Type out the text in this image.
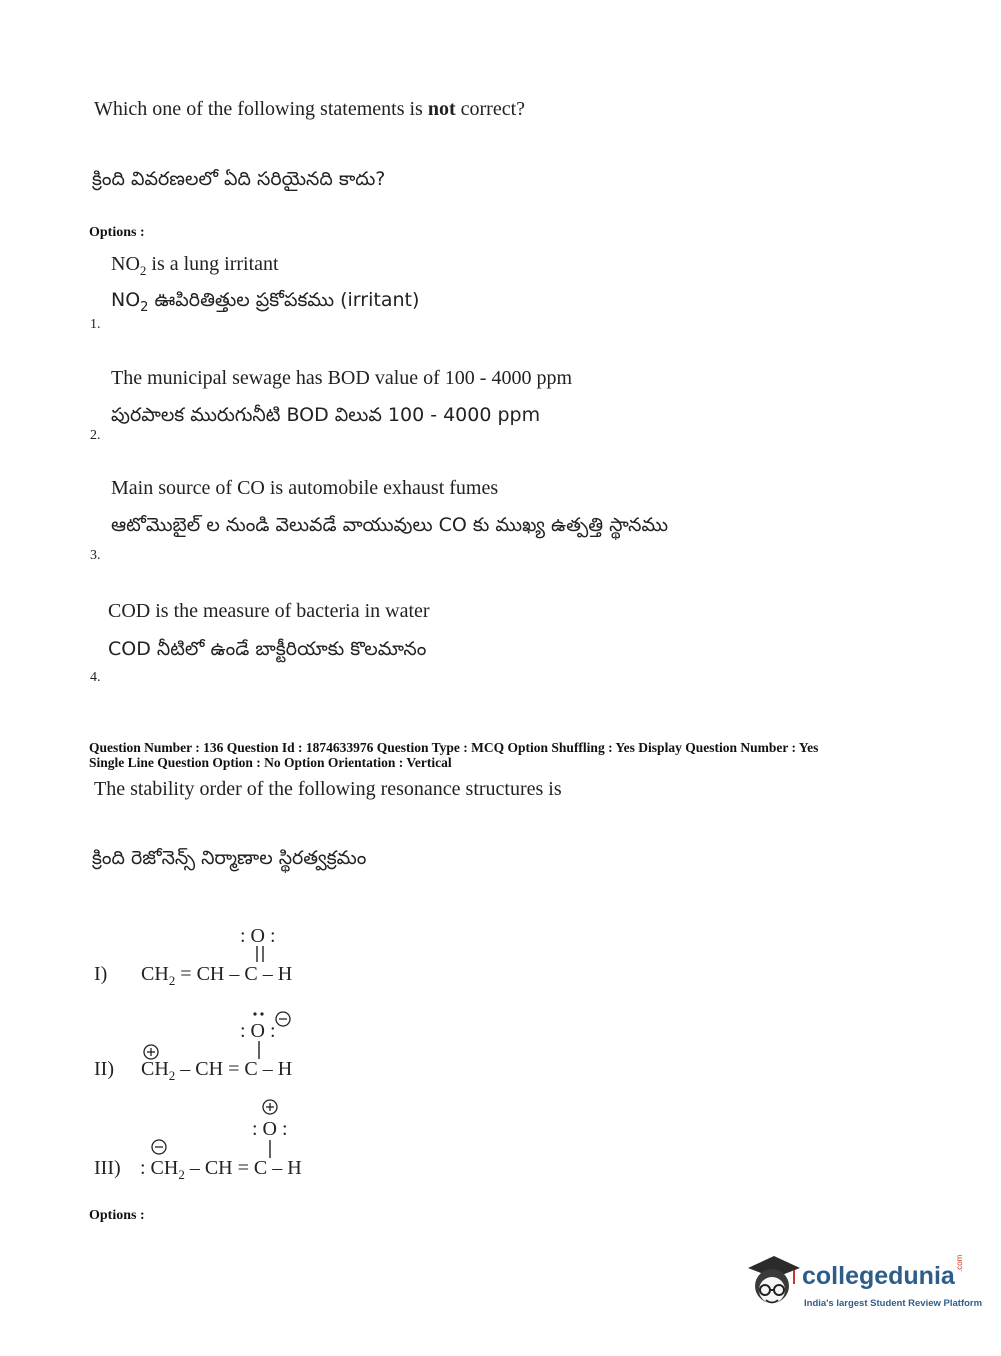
Which one of the following statements is not correct?
క్రింది వివరణలలో ఏది సరియైనది కాదు?
Options :
$NO_2$ is a lung irritant
$NO_2$ ఊపిరితిత్తుల ప్రకోపకము (irritant)
1.
The municipal sewage has BOD value of 100 - 4000 ppm
పురపాలక మురుగునీటి BOD విలువ 100 - 4000 ppm
2.
Main source of CO is automobile exhaust fumes
ఆటోమొబైల్ ల నుండి వెలువడే వాయువులు CO కు ముఖ్య ఉత్పత్తి స్థానము
3.
COD is the measure of bacteria in water
COD నీటిలో ఉండే బాక్టీరియాకు కొలమానం
4.
Question Number : 136 Question Id : 1874633976 Question Type : MCQ Option Shuffling : Yes Display Question Number : Yes
Single Line Question Option : No Option Orientation : Vertical
The stability order of the following resonance structures is
క్రింది రెజోనెన్స్ నిర్మాణాల స్థిరత్వక్రమం
I)
: O :
$CH_2$ = CH – C – H
II)
: O :
$CH_2$ – CH = C – H
III)
: O :
: $CH_2$ – CH = C – H
Options :
collegedunia .com
India's largest Student Review Platform
